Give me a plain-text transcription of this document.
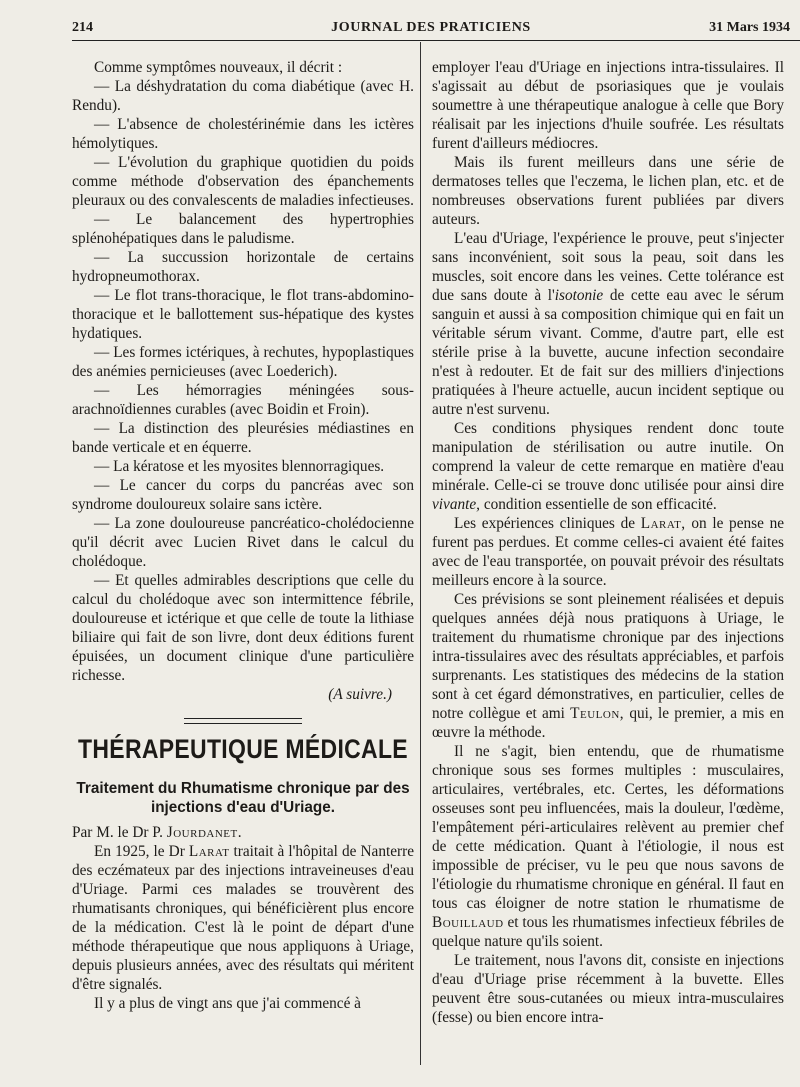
214	JOURNAL DES PRATICIENS	31 Mars 1934

Comme symptômes nouveaux, il décrit :

— La déshydratation du coma diabétique (avec H. Rendu).

— L'absence de cholestérinémie dans les ictères hémolytiques.

— L'évolution du graphique quotidien du poids comme méthode d'observation des épanchements pleuraux ou des convalescents de maladies infectieuses.

— Le balancement des hypertrophies splénohépatiques dans le paludisme.

— La succussion horizontale de certains hydropneumothorax.

— Le flot trans-thoracique, le flot trans-abdomino-thoracique et le ballottement sus-hépatique des kystes hydatiques.

— Les formes ictériques, à rechutes, hypoplastiques des anémies pernicieuses (avec Loederich).

— Les hémorragies méningées sous-arachnoïdiennes curables (avec Boidin et Froin).

— La distinction des pleurésies médiastines en bande verticale et en équerre.

— La kératose et les myosites blennorragiques.

— Le cancer du corps du pancréas avec son syndrome douloureux solaire sans ictère.

— La zone douloureuse pancréatico-cholédocienne qu'il décrit avec Lucien Rivet dans le calcul du cholédoque.

— Et quelles admirables descriptions que celle du calcul du cholédoque avec son intermittence fébrile, douloureuse et ictérique et que celle de toute la lithiase biliaire qui fait de son livre, dont deux éditions furent épuisées, un document clinique d'une particulière richesse.

(A suivre.)

THÉRAPEUTIQUE MÉDICALE
Traitement du Rhumatisme chronique par des injections d'eau d'Uriage.

Par M. le Dr P. Jourdanet.

En 1925, le Dr Larat traitait à l'hôpital de Nanterre des eczémateux par des injections intraveineuses d'eau d'Uriage. Parmi ces malades se trouvèrent des rhumatisants chroniques, qui bénéficièrent plus encore de la médication. C'est là le point de départ d'une méthode thérapeutique que nous appliquons à Uriage, depuis plusieurs années, avec des résultats qui méritent d'être signalés.

Il y a plus de vingt ans que j'ai commencé à

employer l'eau d'Uriage en injections intra-tissulaires. Il s'agissait au début de psoriasiques que je voulais soumettre à une thérapeutique analogue à celle que Bory réalisait par les injections d'huile soufrée. Les résultats furent d'ailleurs médiocres.

Mais ils furent meilleurs dans une série de dermatoses telles que l'eczema, le lichen plan, etc. et de nombreuses observations furent publiées par divers auteurs.

L'eau d'Uriage, l'expérience le prouve, peut s'injecter sans inconvénient, soit sous la peau, soit dans les muscles, soit encore dans les veines. Cette tolérance est due sans doute à l'isotonie de cette eau avec le sérum sanguin et aussi à sa composition chimique qui en fait un véritable sérum vivant. Comme, d'autre part, elle est stérile prise à la buvette, aucune infection secondaire n'est à redouter. Et de fait sur des milliers d'injections pratiquées à l'heure actuelle, aucun incident septique ou autre n'est survenu.

Ces conditions physiques rendent donc toute manipulation de stérilisation ou autre inutile. On comprend la valeur de cette remarque en matière d'eau minérale. Celle-ci se trouve donc utilisée pour ainsi dire vivante, condition essentielle de son efficacité.

Les expériences cliniques de Larat, on le pense ne furent pas perdues. Et comme celles-ci avaient été faites avec de l'eau transportée, on pouvait prévoir des résultats meilleurs encore à la source.

Ces prévisions se sont pleinement réalisées et depuis quelques années déjà nous pratiquons à Uriage, le traitement du rhumatisme chronique par des injections intra-tissulaires avec des résultats appréciables, et parfois surprenants. Les statistiques des médecins de la station sont à cet égard démonstratives, en particulier, celles de notre collègue et ami Teulon, qui, le premier, a mis en œuvre la méthode.

Il ne s'agit, bien entendu, que de rhumatisme chronique sous ses formes multiples : musculaires, articulaires, vertébrales, etc. Certes, les déformations osseuses sont peu influencées, mais la douleur, l'œdème, l'empâtement péri-articulaires relèvent au premier chef de cette médication. Quant à l'étiologie, il nous est impossible de préciser, vu le peu que nous savons de l'étiologie du rhumatisme chronique en général. Il faut en tous cas éloigner de notre station le rhumatisme de Bouillaud et tous les rhumatismes infectieux fébriles de quelque nature qu'ils soient.

Le traitement, nous l'avons dit, consiste en injections d'eau d'Uriage prise récemment à la buvette. Elles peuvent être sous-cutanées ou mieux intra-musculaires (fesse) ou bien encore intra-
